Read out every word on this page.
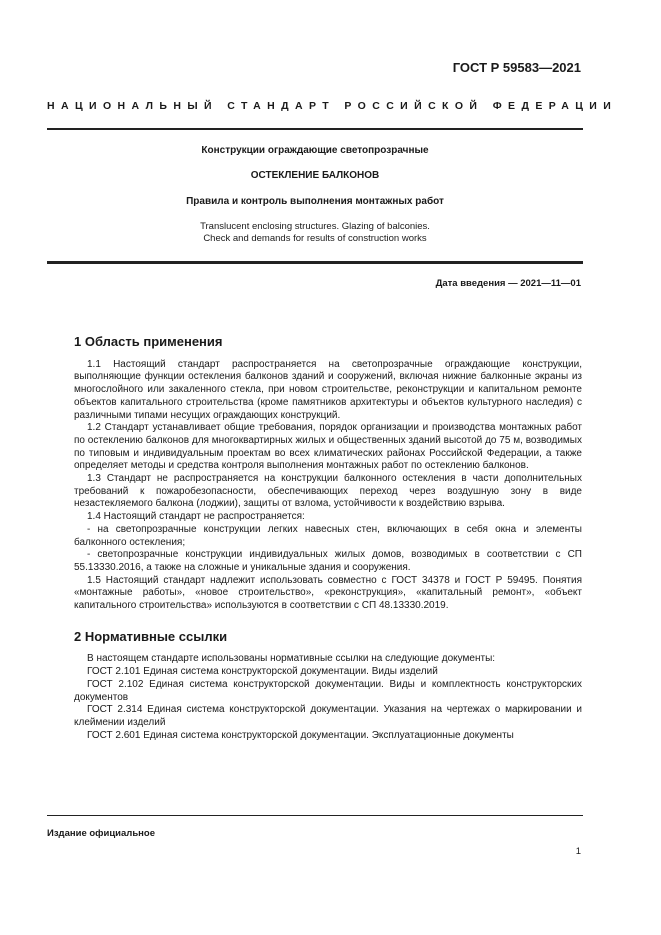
ГОСТ Р 59583—2021
НАЦИОНАЛЬНЫЙ СТАНДАРТ РОССИЙСКОЙ ФЕДЕРАЦИИ
Конструкции ограждающие светопрозрачные
ОСТЕКЛЕНИЕ БАЛКОНОВ
Правила и контроль выполнения монтажных работ
Translucent enclosing structures. Glazing of balconies.
Check and demands for results of construction works
Дата введения — 2021—11—01
1 Область применения

1.1 Настоящий стандарт распространяется на светопрозрачные ограждающие конструкции, выполняющие функции остекления балконов зданий и сооружений, включая нижние балконные экраны из многослойного или закаленного стекла, при новом строительстве, реконструкции и капитальном ремонте объектов капитального строительства (кроме памятников архитектуры и объектов культурного наследия) с различными типами несущих ограждающих конструкций.

1.2 Стандарт устанавливает общие требования, порядок организации и производства монтажных работ по остеклению балконов для многоквартирных жилых и общественных зданий высотой до 75 м, возводимых по типовым и индивидуальным проектам во всех климатических районах Российской Федерации, а также определяет методы и средства контроля выполнения монтажных работ по остеклению балконов.

1.3 Стандарт не распространяется на конструкции балконного остекления в части дополнительных требований к пожаробезопасности, обеспечивающих переход через воздушную зону в виде незастекляемого балкона (лоджии), защиты от взлома, устойчивости к воздействию взрыва.

1.4 Настоящий стандарт не распространяется:

- на светопрозрачные конструкции легких навесных стен, включающих в себя окна и элементы балконного остекления;

- светопрозрачные конструкции индивидуальных жилых домов, возводимых в соответствии с СП 55.13330.2016, а также на сложные и уникальные здания и сооружения.

1.5 Настоящий стандарт надлежит использовать совместно с ГОСТ 34378 и ГОСТ Р 59495. Понятия «монтажные работы», «новое строительство», «реконструкция», «капитальный ремонт», «объект капитального строительства» используются в соответствии с СП 48.13330.2019.

2 Нормативные ссылки

В настоящем стандарте использованы нормативные ссылки на следующие документы:

ГОСТ 2.101 Единая система конструкторской документации. Виды изделий

ГОСТ 2.102 Единая система конструкторской документации. Виды и комплектность конструкторских документов

ГОСТ 2.314 Единая система конструкторской документации. Указания на чертежах о маркировании и клеймении изделий

ГОСТ 2.601 Единая система конструкторской документации. Эксплуатационные документы

Издание официальное
1
